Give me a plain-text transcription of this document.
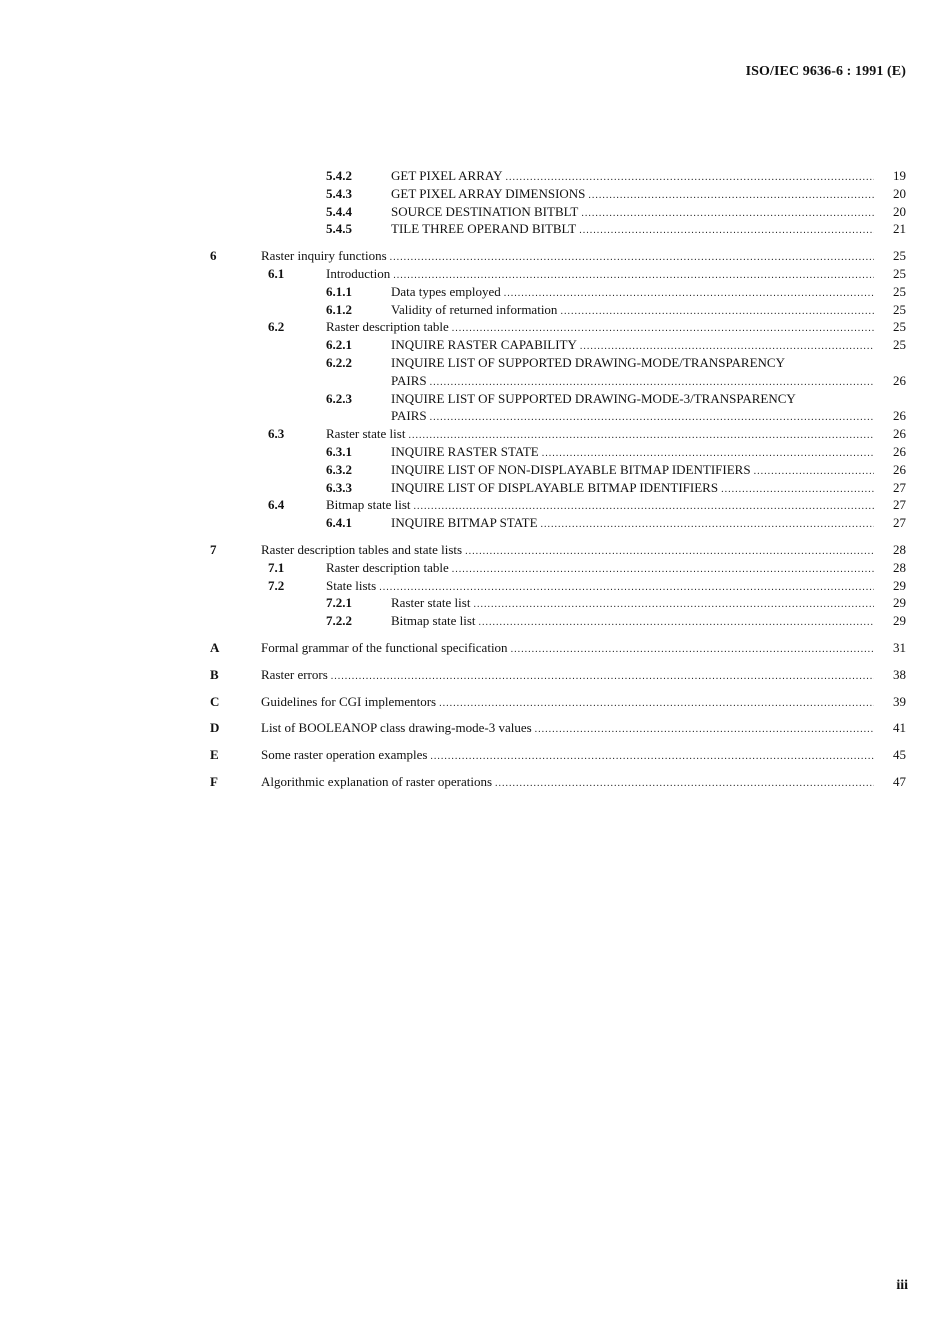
ISO/IEC 9636-6 : 1991 (E)
5.4.2	GET PIXEL ARRAY .....	19
5.4.3	GET PIXEL ARRAY DIMENSIONS .....	20
5.4.4	SOURCE DESTINATION BITBLT .....	20
5.4.5	TILE THREE OPERAND BITBLT .....	21
6	Raster inquiry functions .....	25
6.1	Introduction .....	25
6.1.1	Data types employed .....	25
6.1.2	Validity of returned information .....	25
6.2	Raster description table .....	25
6.2.1	INQUIRE RASTER CAPABILITY .....	25
6.2.2	INQUIRE LIST OF SUPPORTED DRAWING-MODE/TRANSPARENCY
PAIRS .....	26
6.2.3	INQUIRE LIST OF SUPPORTED DRAWING-MODE-3/TRANSPARENCY
PAIRS .....	26
6.3	Raster state list .....	26
6.3.1	INQUIRE RASTER STATE .....	26
6.3.2	INQUIRE LIST OF NON-DISPLAYABLE BITMAP IDENTIFIERS .....	26
6.3.3	INQUIRE LIST OF DISPLAYABLE BITMAP IDENTIFIERS .....	27
6.4	Bitmap state list .....	27
6.4.1	INQUIRE BITMAP STATE .....	27
7	Raster description tables and state lists .....	28
7.1	Raster description table .....	28
7.2	State lists .....	29
7.2.1	Raster state list .....	29
7.2.2	Bitmap state list .....	29
A	Formal grammar of the functional specification .....	31
B	Raster errors .....	38
C	Guidelines for CGI implementors .....	39
D	List of BOOLEANOP class drawing-mode-3 values .....	41
E	Some raster operation examples .....	45
F	Algorithmic explanation of raster operations .....	47
iii
